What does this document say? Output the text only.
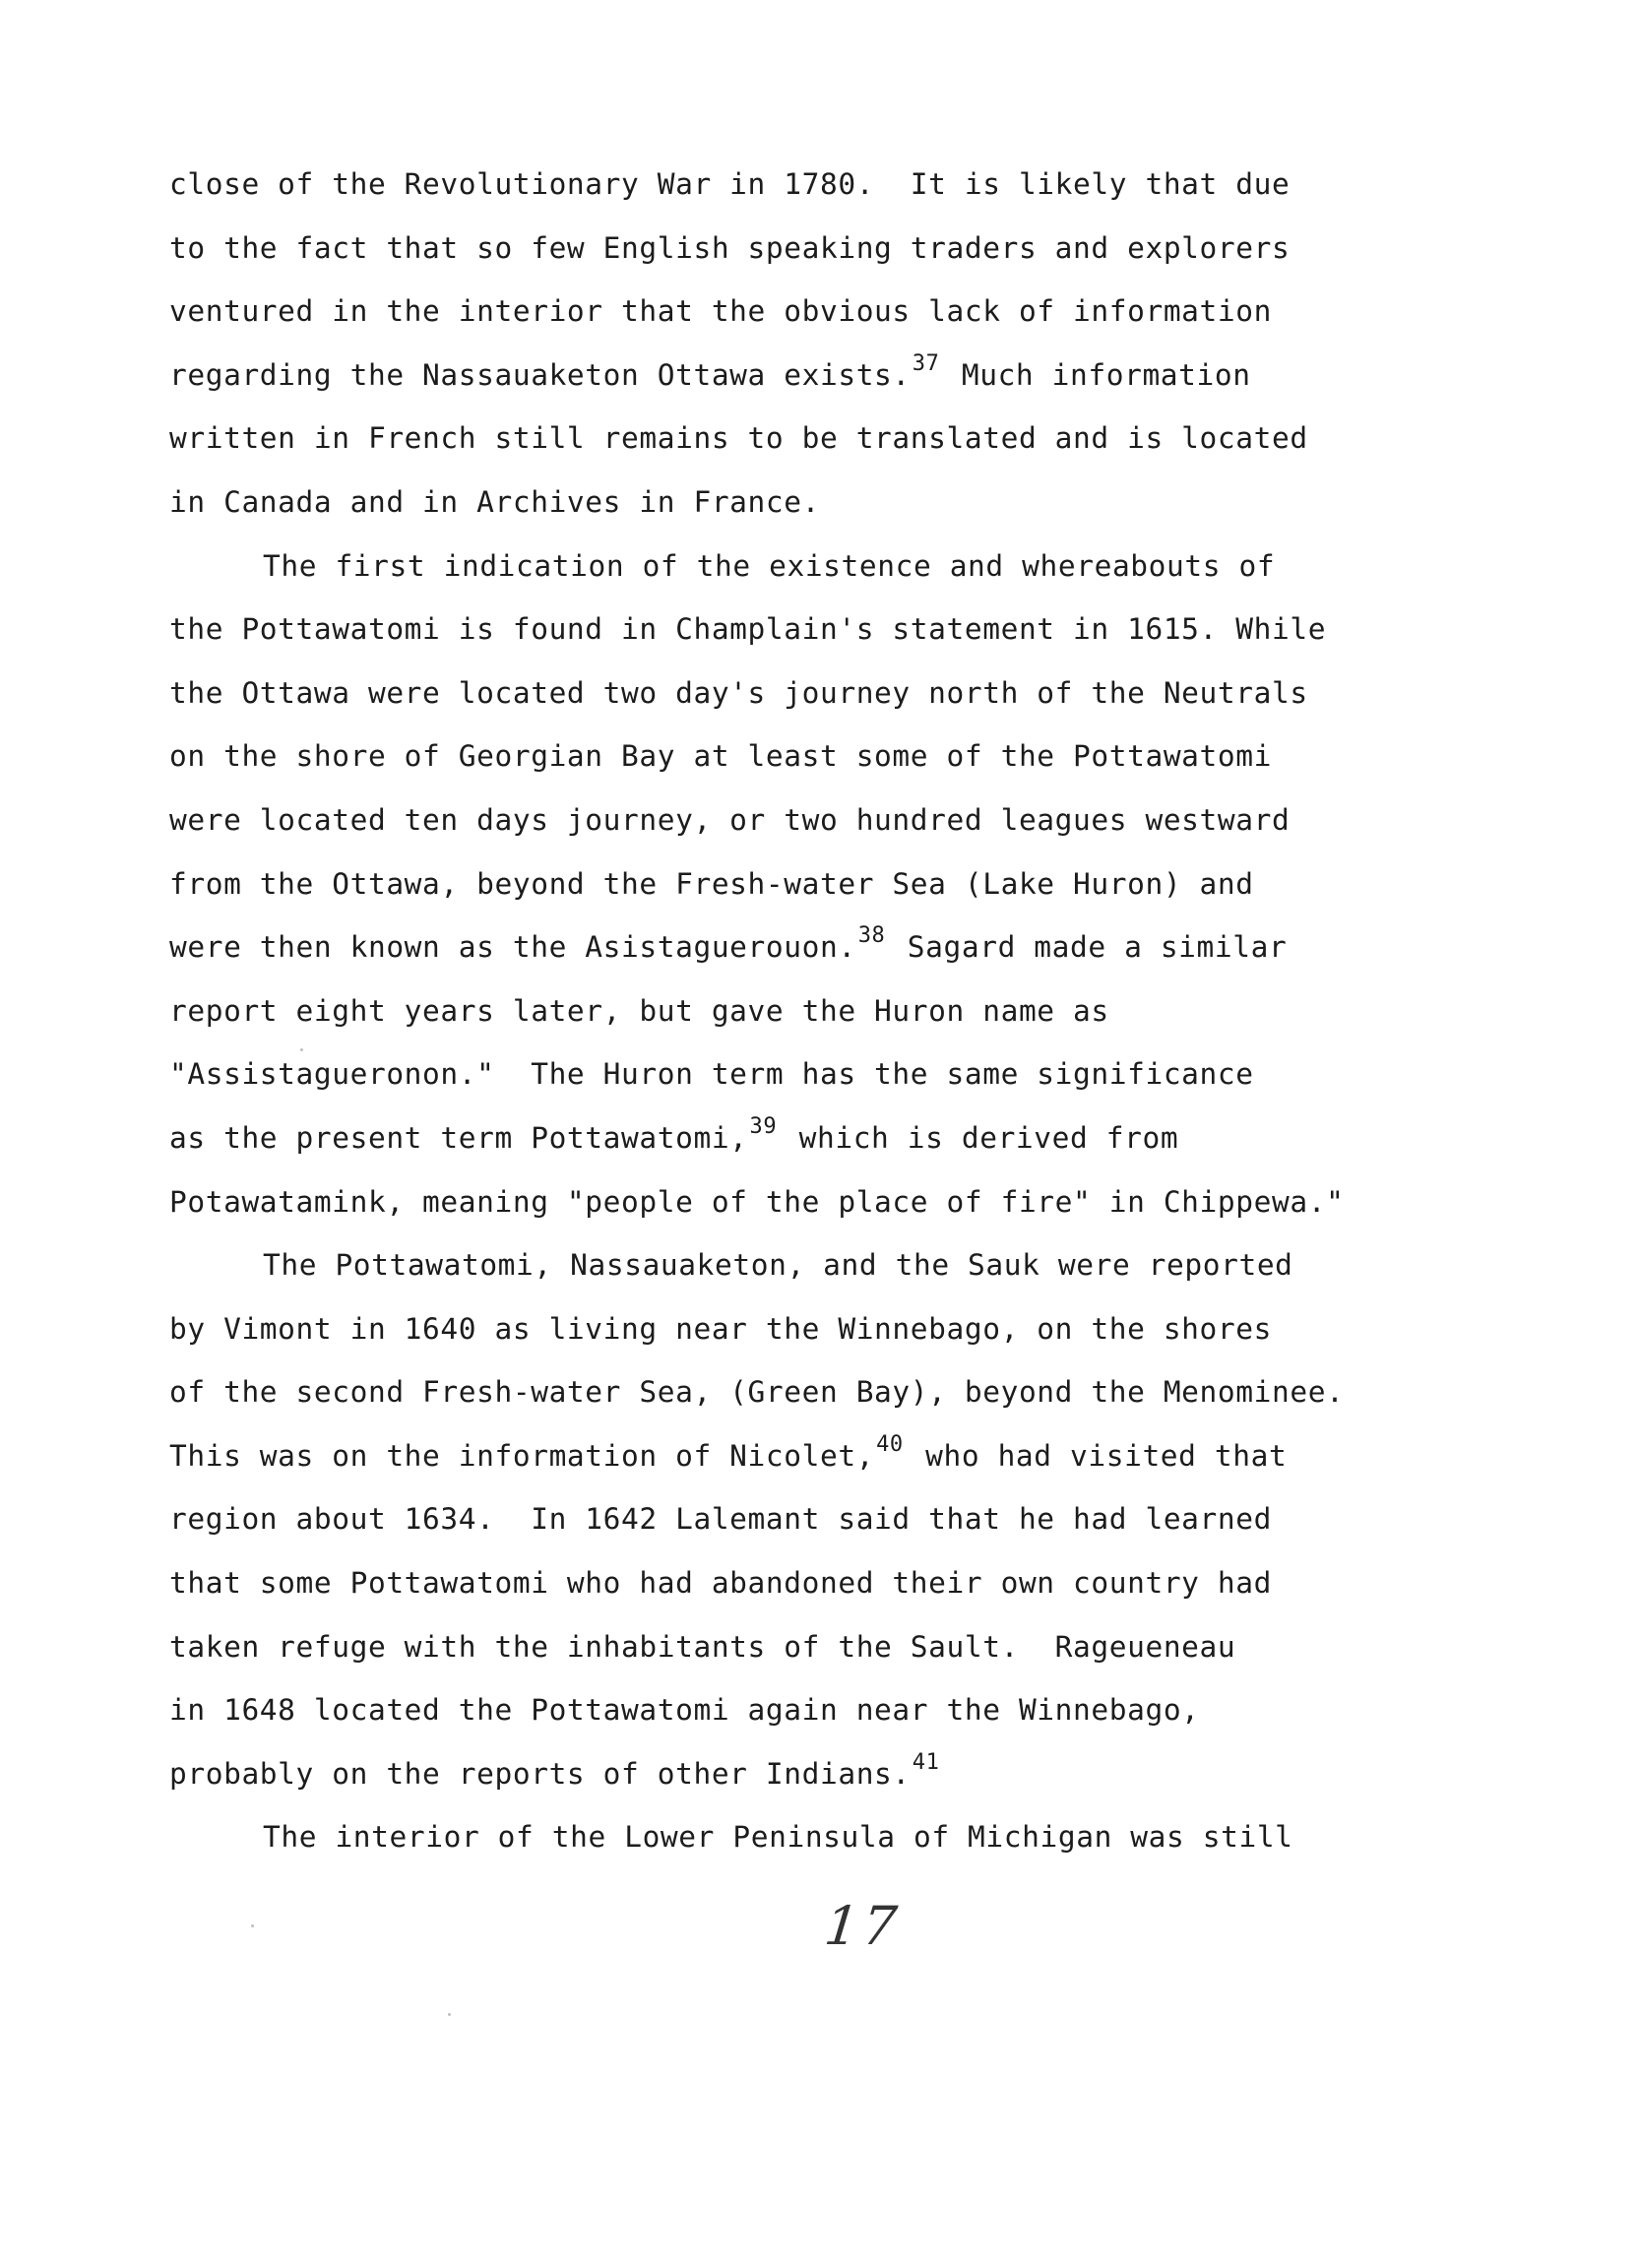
close of the Revolutionary War in 1780.  It is likely that due
to the fact that so few English speaking traders and explorers
ventured in the interior that the obvious lack of information
regarding the Nassauaketon Ottawa exists.$^{37}$ Much information
written in French still remains to be translated and is located
in Canada and in Archives in France.
The first indication of the existence and whereabouts of
the Pottawatomi is found in Champlain's statement in 1615. While
the Ottawa were located two day's journey north of the Neutrals
on the shore of Georgian Bay at least some of the Pottawatomi
were located ten days journey, or two hundred leagues westward
from the Ottawa, beyond the Fresh-water Sea (Lake Huron) and
were then known as the Asistaguerouon.$^{38}$ Sagard made a similar
report eight years later, but gave the Huron name as
"Assistagueronon."  The Huron term has the same significance
as the present term Pottawatomi,$^{39}$ which is derived from
Potawatamink, meaning "people of the place of fire" in Chippewa."
The Pottawatomi, Nassauaketon, and the Sauk were reported
by Vimont in 1640 as living near the Winnebago, on the shores
of the second Fresh-water Sea, (Green Bay), beyond the Menominee.
This was on the information of Nicolet,$^{40}$ who had visited that
region about 1634.  In 1642 Lalemant said that he had learned
that some Pottawatomi who had abandoned their own country had
taken refuge with the inhabitants of the Sault.  Rageueneau
in 1648 located the Pottawatomi again near the Winnebago,
probably on the reports of other Indians.$^{41}$
The interior of the Lower Peninsula of Michigan was still
17
